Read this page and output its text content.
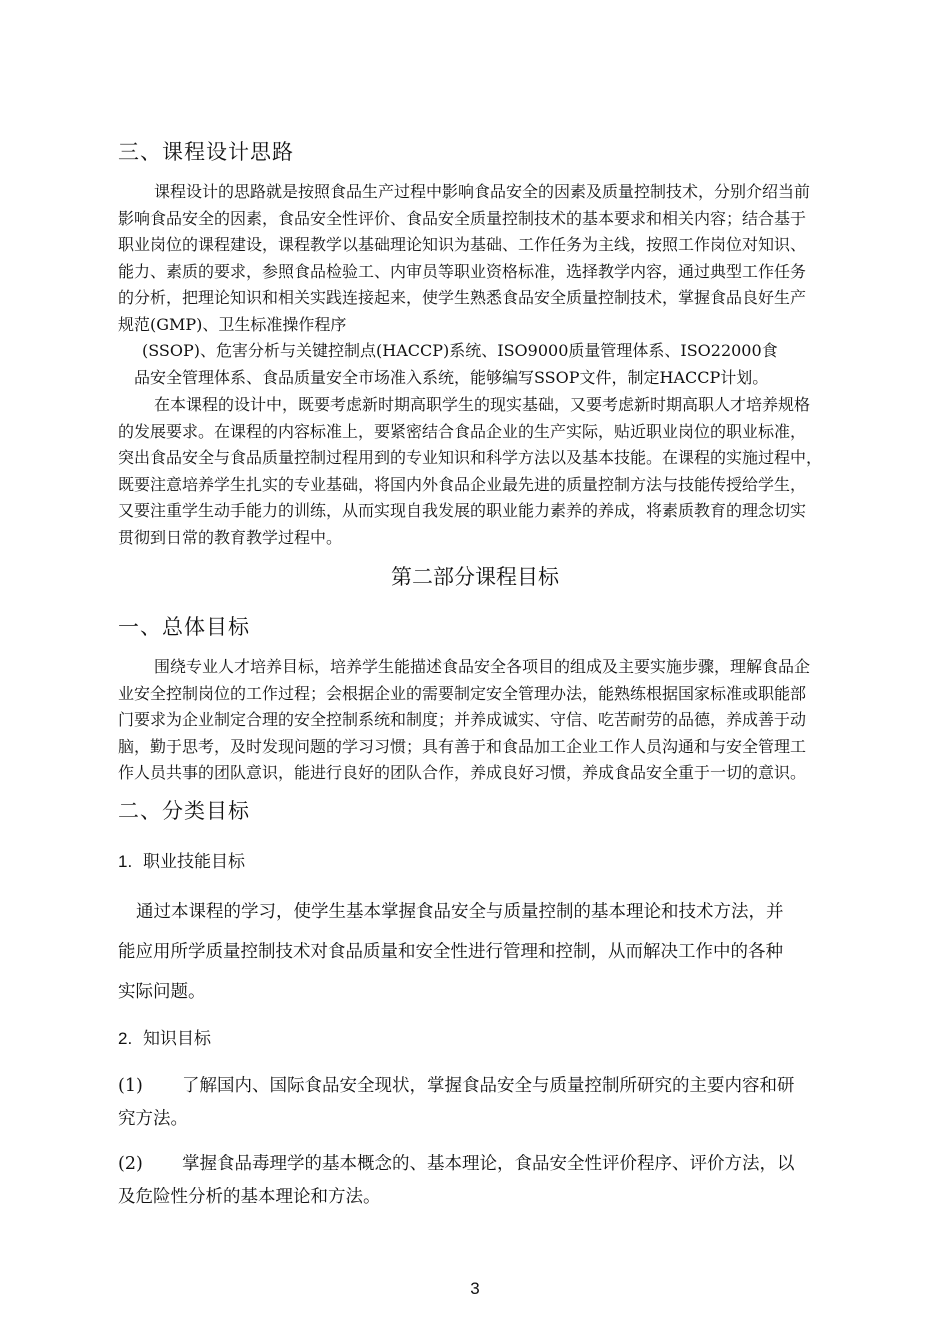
三、课程设计思路
课程设计的思路就是按照食品生产过程中影响食品安全的因素及质量控制技术，分别介绍当前
影响食品安全的因素，食品安全性评价、食品安全质量控制技术的基本要求和相关内容；结合基于
职业岗位的课程建设，课程教学以基础理论知识为基础、工作任务为主线，按照工作岗位对知识、
能力、素质的要求，参照食品检验工、内审员等职业资格标准，选择教学内容，通过典型工作任务
的分析，把理论知识和相关实践连接起来，使学生熟悉食品安全质量控制技术，掌握食品良好生产
规范(GMP)、卫生标准操作程序
(SSOP)、危害分析与关键控制点(HACCP)系统、ISO9000质量管理体系、ISO22000食
品安全管理体系、食品质量安全市场准入系统，能够编写SSOP文件，制定HACCP计划。
在本课程的设计中，既要考虑新时期高职学生的现实基础，又要考虑新时期高职人才培养规格
的发展要求。在课程的内容标准上，要紧密结合食品企业的生产实际，贴近职业岗位的职业标准，
突出食品安全与食品质量控制过程用到的专业知识和科学方法以及基本技能。在课程的实施过程中，
既要注意培养学生扎实的专业基础，将国内外食品企业最先进的质量控制方法与技能传授给学生，
又要注重学生动手能力的训练，从而实现自我发展的职业能力素养的养成，将素质教育的理念切实
贯彻到日常的教育教学过程中。
第二部分课程目标
一、总体目标
围绕专业人才培养目标，培养学生能描述食品安全各项目的组成及主要实施步骤，理解食品企
业安全控制岗位的工作过程；会根据企业的需要制定安全管理办法，能熟练根据国家标准或职能部
门要求为企业制定合理的安全控制系统和制度；并养成诚实、守信、吃苦耐劳的品德，养成善于动
脑，勤于思考，及时发现问题的学习习惯；具有善于和食品加工企业工作人员沟通和与安全管理工
作人员共事的团队意识，能进行良好的团队合作，养成良好习惯，养成食品安全重于一切的意识。
二、分类目标
1. 职业技能目标
通过本课程的学习，使学生基本掌握食品安全与质量控制的基本理论和技术方法，并
能应用所学质量控制技术对食品质量和安全性进行管理和控制，从而解决工作中的各种
实际问题。
2. 知识目标
(1) 了解国内、国际食品安全现状，掌握食品安全与质量控制所研究的主要内容和研
究方法。
(2) 掌握食品毒理学的基本概念的、基本理论，食品安全性评价程序、评价方法，以
及危险性分析的基本理论和方法。
3
